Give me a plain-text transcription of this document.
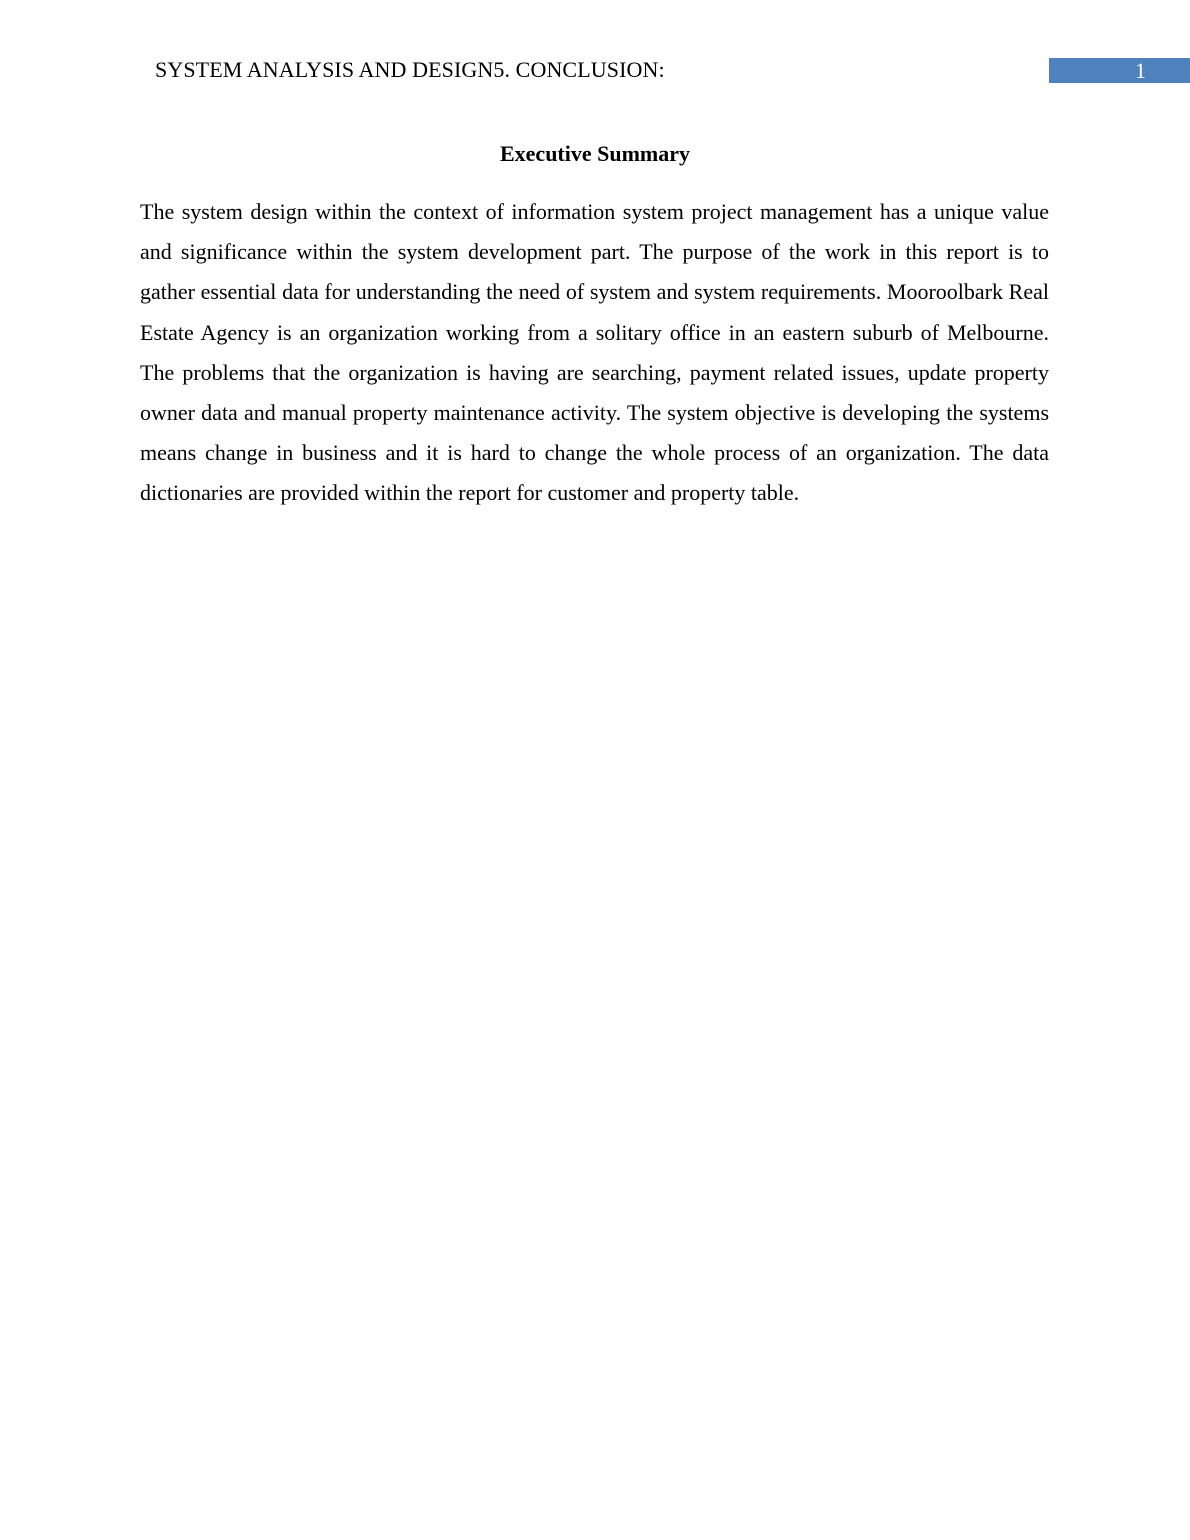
SYSTEM ANALYSIS AND DESIGN5. CONCLUSION:	1
Executive Summary

The system design within the context of information system project management has a unique value and significance within the system development part. The purpose of the work in this report is to gather essential data for understanding the need of system and system requirements. Mooroolbark Real Estate Agency is an organization working from a solitary office in an eastern suburb of Melbourne. The problems that the organization is having are searching, payment related issues, update property owner data and manual property maintenance activity. The system objective is developing the systems means change in business and it is hard to change the whole process of an organization. The data dictionaries are provided within the report for customer and property table.
